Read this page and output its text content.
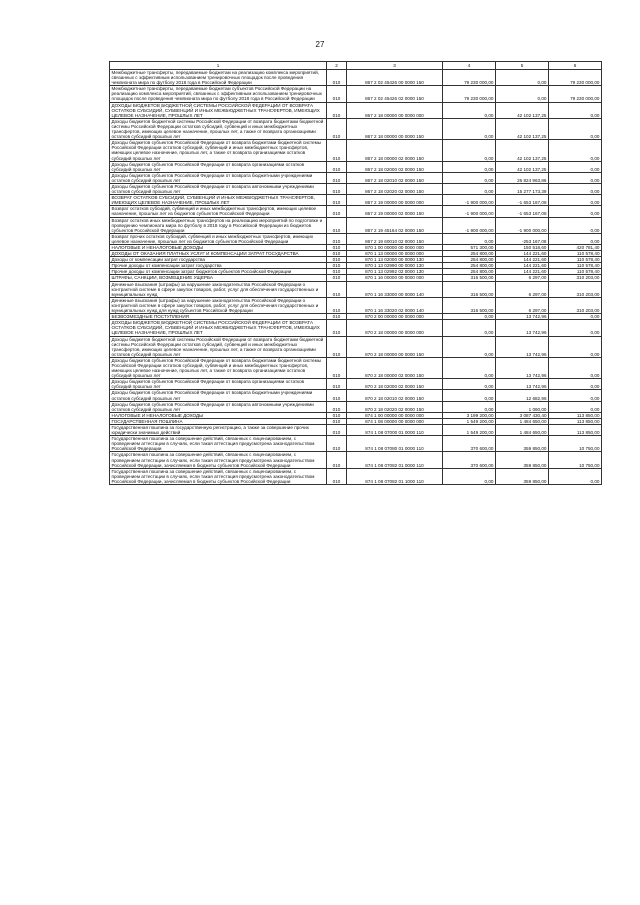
27
1	2	3	4	5	6
Межбюджетные трансферты, передаваемые бюджетам на реализацию комплекса мероприятий, связанных с эффективным использованием тренировочных площадок после проведения чемпионата мира по футболу 2018 года в Российской Федерации	010	867 2 02 45426 00 0000 150	79 230 000,00	0,00	79 230 000,00
Межбюджетные трансферты, передаваемые бюджетам субъектов Российской Федерации на реализацию комплекса мероприятий, связанных с эффективным использованием тренировочных площадок после проведения чемпионата мира по футболу 2018 года в Российской Федерации	010	867 2 02 45426 02 0000 150	79 230 000,00	0,00	79 230 000,00
ДОХОДЫ БЮДЖЕТОВ БЮДЖЕТНОЙ СИСТЕМЫ РОССИЙСКОЙ ФЕДЕРАЦИИ ОТ ВОЗВРАТА ОСТАТКОВ СУБСИДИЙ, СУБВЕНЦИЙ И ИНЫХ МЕЖБЮДЖЕТНЫХ ТРАНСФЕРТОВ, ИМЕЮЩИХ ЦЕЛЕВОЕ НАЗНАЧЕНИЕ, ПРОШЛЫХ ЛЕТ	010	867 2 18 00000 00 0000 000	0,00	42 102 137,25	0,00
Доходы бюджетов бюджетной системы Российской Федерации от возврата бюджетами бюджетной системы Российской Федерации остатков субсидий, субвенций и иных межбюджетных трансфертов, имеющих целевое назначение, прошлых лет, а также от возврата организациями остатков субсидий прошлых лет	010	867 2 18 00000 00 0000 150	0,00	42 102 137,25	0,00
Доходы бюджетов субъектов Российской Федерации от возврата бюджетами бюджетной системы Российской Федерации остатков субсидий, субвенций и иных межбюджетных трансфертов, имеющих целевое назначение, прошлых лет, а также от возврата организациями остатков субсидий прошлых лет	010	867 2 18 00000 02 0000 150	0,00	42 102 137,25	0,00
Доходы бюджетов субъектов Российской Федерации от возврата организациями остатков субсидий прошлых лет	010	867 2 18 02000 02 0000 150	0,00	42 102 137,25	0,00
Доходы бюджетов субъектов Российской Федерации от возврата бюджетными учреждениями остатков субсидий прошлых лет	010	867 2 18 02010 02 0000 150	0,00	26 824 963,86	0,00
Доходы бюджетов субъектов Российской Федерации от возврата автономными учреждениями остатков субсидий прошлых лет	010	867 2 18 02020 02 0000 150	0,00	15 277 173,39	0,00
ВОЗВРАТ ОСТАТКОВ СУБСИДИЙ, СУБВЕНЦИЙ И ИНЫХ МЕЖБЮДЖЕТНЫХ ТРАНСФЕРТОВ, ИМЕЮЩИХ ЦЕЛЕВОЕ НАЗНАЧЕНИЕ, ПРОШЛЫХ ЛЕТ	010	867 2 19 00000 00 0000 000	-1 900 000,00	-1 653 167,08	0,00
Возврат остатков субсидий, субвенций и иных межбюджетных трансфертов, имеющих целевое назначение, прошлых лет из бюджетов субъектов Российской Федерации	010	867 2 19 00000 02 0000 150	-1 900 000,00	-1 653 167,08	0,00
Возврат остатков иных межбюджетных трансфертов на реализацию мероприятий по подготовке и проведению чемпионата мира по футболу в 2018 году в Российской Федерации из бюджетов субъектов Российской Федерации	010	867 2 19 45164 02 0000 150	-1 900 000,00	-1 900 000,00	0,00
Возврат прочих остатков субсидий, субвенций и иных межбюджетных трансфертов, имеющих целевое назначение, прошлых лет из бюджетов субъектов Российской Федерации	010	867 2 19 60010 02 0000 150	0,00	-253 167,08	0,00
НАЛОГОВЫЕ И НЕНАЛОГОВЫЕ ДОХОДЫ	010	870 1 00 00000 00 0000 000	571 300,00	150 518,60	420 781,40
ДОХОДЫ ОТ ОКАЗАНИЯ ПЛАТНЫХ УСЛУГ И КОМПЕНСАЦИИ ЗАТРАТ ГОСУДАРСТВА	010	870 1 13 00000 00 0000 000	254 800,00	144 221,60	110 578,40
Доходы от компенсации затрат государства	010	870 1 13 02000 00 0000 130	254 800,00	144 221,60	110 578,40
Прочие доходы от компенсации затрат государства	010	870 1 13 02990 00 0000 130	254 800,00	144 221,60	110 578,40
Прочие доходы от компенсации затрат бюджетов субъектов Российской Федерации	010	870 1 13 02992 02 0000 130	254 800,00	144 221,60	110 578,40
ШТРАФЫ, САНКЦИИ, ВОЗМЕЩЕНИЕ УЩЕРБА	010	870 1 16 00000 00 0000 000	316 500,00	6 297,00	310 203,00
Денежные взыскания (штрафы) за нарушение законодательства Российской Федерации о контрактной системе в сфере закупок товаров, работ, услуг для обеспечения государственных и муниципальных нужд	010	870 1 16 33000 00 0000 140	316 500,00	6 297,00	310 203,00
Денежные взыскания (штрафы) за нарушение законодательства Российской Федерации о контрактной системе в сфере закупок товаров, работ, услуг для обеспечения государственных и муниципальных нужд для нужд субъектов Российской Федерации	010	870 1 16 33020 02 0000 140	316 500,00	6 297,00	310 203,00
БЕЗВОЗМЕЗДНЫЕ ПОСТУПЛЕНИЯ	010	870 2 00 00000 00 0000 000	0,00	13 742,96	0,00
ДОХОДЫ БЮДЖЕТОВ БЮДЖЕТНОЙ СИСТЕМЫ РОССИЙСКОЙ ФЕДЕРАЦИИ ОТ ВОЗВРАТА ОСТАТКОВ СУБСИДИЙ, СУБВЕНЦИЙ И ИНЫХ МЕЖБЮДЖЕТНЫХ ТРАНСФЕРТОВ, ИМЕЮЩИХ ЦЕЛЕВОЕ НАЗНАЧЕНИЕ, ПРОШЛЫХ ЛЕТ	010	870 2 18 00000 00 0000 000	0,00	13 742,96	0,00
Доходы бюджетов бюджетной системы Российской Федерации от возврата бюджетами бюджетной системы Российской Федерации остатков субсидий, субвенций и иных межбюджетных трансфертов, имеющих целевое назначение, прошлых лет, а также от возврата организациями остатков субсидий прошлых лет	010	870 2 18 00000 00 0000 150	0,00	13 742,96	0,00
Доходы бюджетов субъектов Российской Федерации от возврата бюджетами бюджетной системы Российской Федерации остатков субсидий, субвенций и иных межбюджетных трансфертов, имеющих целевое назначение, прошлых лет, а также от возврата организациями остатков субсидий прошлых лет	010	870 2 18 00000 02 0000 150	0,00	13 742,96	0,00
Доходы бюджетов субъектов Российской Федерации от возврата организациями остатков субсидий прошлых лет	010	870 2 18 02000 02 0000 150	0,00	13 742,96	0,00
Доходы бюджетов субъектов Российской Федерации от возврата бюджетными учреждениями остатков субсидий прошлых лет	010	870 2 18 02010 02 0000 150	0,00	12 682,96	0,00
Доходы бюджетов субъектов Российской Федерации от возврата автономными учреждениями остатков субсидий прошлых лет	010	870 2 18 02020 02 0000 150	0,00	1 060,00	0,00
НАЛОГОВЫЕ И НЕНАЛОГОВЫЕ ДОХОДЫ	010	874 1 00 00000 00 0000 000	3 199 200,00	3 087 430,40	113 850,00
ГОСУДАРСТВЕННАЯ ПОШЛИНА	010	874 1 08 00000 00 0000 000	1 549 200,00	1 484 650,00	113 850,00
Государственная пошлина за государственную регистрацию, а также за совершение прочих юридически значимых действий	010	874 1 08 07000 01 0000 110	1 549 200,00	1 484 650,00	113 850,00
Государственная пошлина за совершение действий, связанных с лицензированием, с проведением аттестации в случаях, если такая аттестация предусмотрена законодательством Российской Федерации	010	874 1 08 07080 01 0000 110	370 600,00	359 850,00	10 750,00
Государственная пошлина за совершение действий, связанных с лицензированием, с проведением аттестации в случаях, если такая аттестация предусмотрена законодательством Российской Федерации, зачисляемая в бюджеты субъектов Российской Федерации	010	874 1 08 07082 01 0000 110	370 600,00	359 850,00	10 750,00
Государственная пошлина за совершение действий, связанных с лицензированием, с проведением аттестации в случаях, если такая аттестация предусмотрена законодательством Российской Федерации, зачисляемая в бюджеты субъектов Российской Федерации	010	874 1 08 07082 01 1000 110	0,00	359 850,00	0,00
